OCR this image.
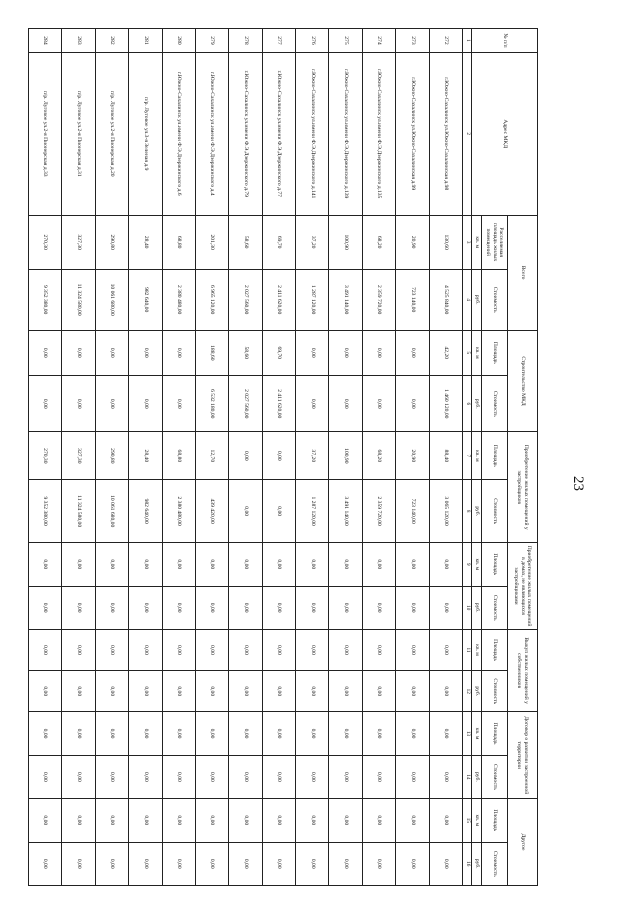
23
№ п/п	Адрес МКД	Всего		Строительство МКД		Приобретение жилых помещений у застройщиков		Приобретение жилых помещений в домах, не являющихся застройщиками		Выкуп жилых помещений у собственников		Договор о развитии застроенной территории		Другое	
		Расселяемая площадь жилых помещений	Стоимость	Площадь	Стоимость	Площадь	Стоимость	Площадь	Стоимость	Площадь	Стоимость	Площадь	Стоимость	Площадь	Стоимость
		кв. м	руб.	кв. м	руб.	кв. м	руб.	кв. м	руб.	кв. м	руб.	кв. м	руб.	кв. м	руб.
1	2	3	4	5	6	7	8	9	10	11	12	13	14	15	16
272	г.Южно-Сахалинск ул.Южно-Сахалинская д.98	130,60	4 525 840,00	42,20	1 460 120,00	88,40	3 065 120,00	0,00	0,00	0,00	0,00	0,00	0,00	0,00	0,00
273	г.Южно-Сахалинск ул.Южно-Сахалинская д.99	20,90	723 140,00	0,00	0,00	20,90	723 140,00	0,00	0,00	0,00	0,00	0,00	0,00	0,00	0,00
274	г.Южно-Сахалинск ул.имени Ф.Э.Дзержинского д.135	68,20	2 359 720,00	0,00	0,00	68,20	2 359 720,00	0,00	0,00	0,00	0,00	0,00	0,00	0,00	0,00
275	г.Южно-Сахалинск ул.имени Ф.Э.Дзержинского д.139	100,90	3 491 140,00	0,00	0,00	100,90	3 491 140,00	0,00	0,00	0,00	0,00	0,00	0,00	0,00	0,00
276	г.Южно-Сахалинск ул.имени Ф.Э.Дзержинского д.141	37,20	1 287 120,00	0,00	0,00	37,20	1 287 120,00	0,00	0,00	0,00	0,00	0,00	0,00	0,00	0,00
277	г.Южно-Сахалинск ул.имени Ф.Э.Дзержинского д.77	69,70	2 411 620,00	69,70	2 411 620,00	0,00	0,00	0,00	0,00	0,00	0,00	0,00	0,00	0,00	0,00
278	г.Южно-Сахалинск ул.имени Ф.Э.Дзержинского д.79	58,60	2 027 560,00	58,60	2 027 560,00	0,00	0,00	0,00	0,00	0,00	0,00	0,00	0,00	0,00	0,00
279	г.Южно-Сахалинск ул.имени Ф.Э.Дзержинского д.4	201,30	6 965 120,00	188,60	6 532 180,00	12,70	439 420,00	0,00	0,00	0,00	0,00	0,00	0,00	0,00	0,00
280	г.Южно-Сахалинск ул.имени Ф.Э.Дзержинского д.6	68,80	2 380 480,00	0,00	0,00	68,80	2 380 480,00	0,00	0,00	0,00	0,00	0,00	0,00	0,00	0,00
281	п/р. Луговое ул.3-я Зеленая д.9	28,40	982 640,00	0,00	0,00	28,40	982 640,00	0,00	0,00	0,00	0,00	0,00	0,00	0,00	0,00
282	п/р. Луговое ул.2-я Пионерская д.20	290,80	10 061 680,00	0,00	0,00	290,80	10 061 680,00	0,00	0,00	0,00	0,00	0,00	0,00	0,00	0,00
283	п/р. Луговое ул.2-я Пионерская д.31	327,30	11 324 580,00	0,00	0,00	327,30	11 324 580,00	0,00	0,00	0,00	0,00	0,00	0,00	0,00	0,00
284	п/р. Луговое ул.2-я Пионерская д.33	270,30	9 352 380,00	0,00	0,00	270,30	9 352 380,00	0,00	0,00	0,00	0,00	0,00	0,00	0,00	0,00
